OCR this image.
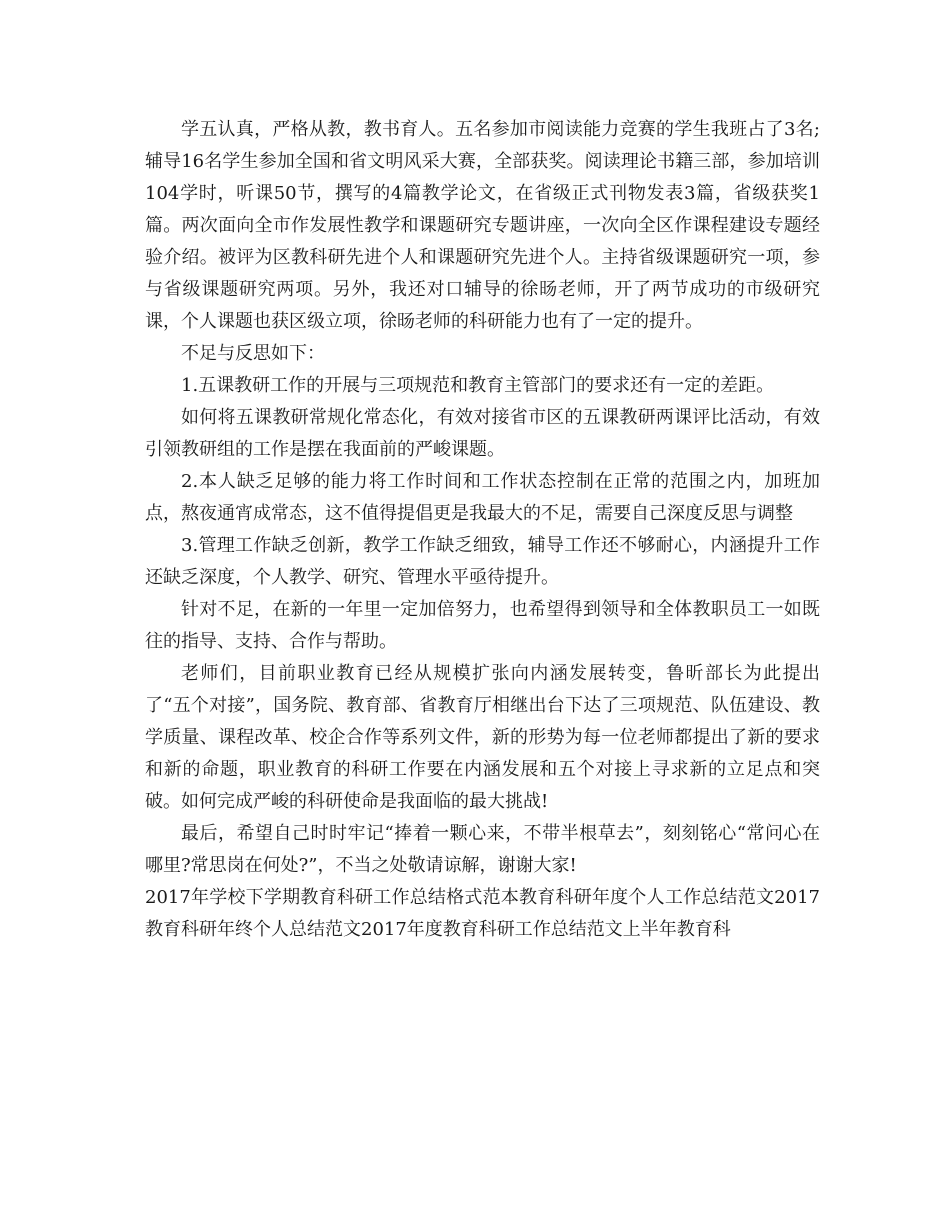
学五认真，严格从教，教书育人。五名参加市阅读能力竞赛的学生我班占了3名;辅导16名学生参加全国和省文明风采大赛，全部获奖。阅读理论书籍三部，参加培训104学时，听课50节，撰写的4篇教学论文，在省级正式刊物发表3篇，省级获奖1篇。两次面向全市作发展性教学和课题研究专题讲座，一次向全区作课程建设专题经验介绍。被评为区教科研先进个人和课题研究先进个人。主持省级课题研究一项，参与省级课题研究两项。另外，我还对口辅导的徐旸老师，开了两节成功的市级研究课，个人课题也获区级立项，徐旸老师的科研能力也有了一定的提升。

不足与反思如下：

1.五课教研工作的开展与三项规范和教育主管部门的要求还有一定的差距。

如何将五课教研常规化常态化，有效对接省市区的五课教研两课评比活动，有效引领教研组的工作是摆在我面前的严峻课题。

2.本人缺乏足够的能力将工作时间和工作状态控制在正常的范围之内，加班加点，熬夜通宵成常态，这不值得提倡更是我最大的不足，需要自己深度反思与调整

3.管理工作缺乏创新，教学工作缺乏细致，辅导工作还不够耐心，内涵提升工作还缺乏深度，个人教学、研究、管理水平亟待提升。

针对不足，在新的一年里一定加倍努力，也希望得到领导和全体教职员工一如既往的指导、支持、合作与帮助。

老师们，目前职业教育已经从规模扩张向内涵发展转变，鲁昕部长为此提出了“五个对接”，国务院、教育部、省教育厅相继出台下达了三项规范、队伍建设、教学质量、课程改革、校企合作等系列文件，新的形势为每一位老师都提出了新的要求和新的命题，职业教育的科研工作要在内涵发展和五个对接上寻求新的立足点和突破。如何完成严峻的科研使命是我面临的最大挑战!

最后，希望自己时时牢记“捧着一颗心来，不带半根草去”，刻刻铭心“常问心在哪里?常思岗在何处?”，不当之处敬请谅解，谢谢大家!

2017年学校下学期教育科研工作总结格式范本教育科研年度个人工作总结范文2017教育科研年终个人总结范文2017年度教育科研工作总结范文上半年教育科
